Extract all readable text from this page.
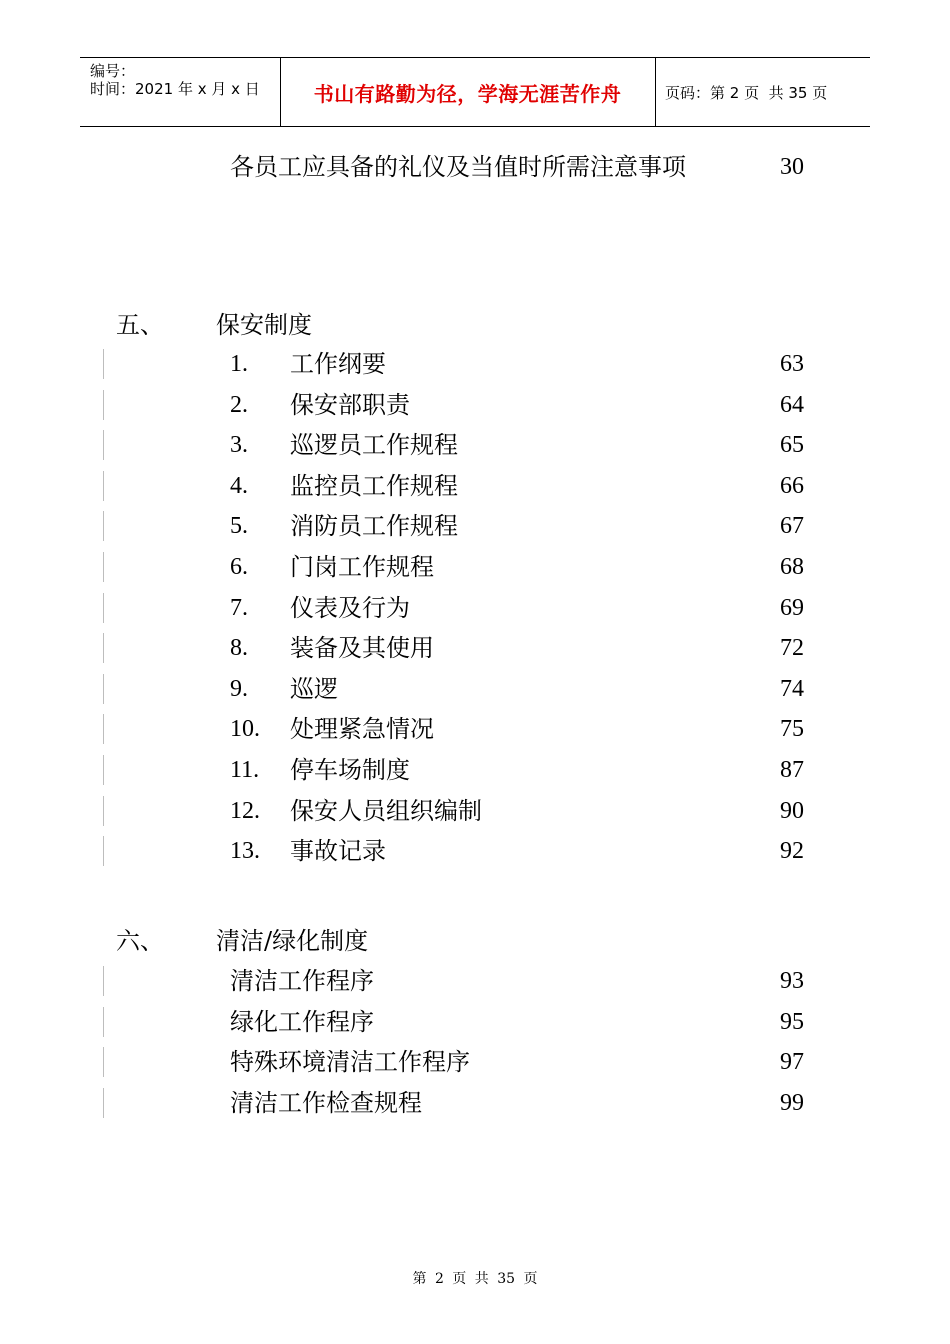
编号：
时间：2021 年 x 月 x 日	书山有路勤为径，学海无涯苦作舟	页码：第 2 页  共 35 页
各员工应具备的礼仪及当值时所需注意事项	30
五、 保安制度
1. 工作纲要	63
2. 保安部职责	64
3. 巡逻员工作规程	65
4. 监控员工作规程	66
5. 消防员工作规程	67
6. 门岗工作规程	68
7. 仪表及行为	69
8. 装备及其使用	72
9. 巡逻	74
10. 处理紧急情况	75
11. 停车场制度	87
12. 保安人员组织编制	90
13. 事故记录	92
六、 清洁/绿化制度
清洁工作程序	93
绿化工作程序	95
特殊环境清洁工作程序	97
清洁工作检查规程	99
第 2 页 共 35 页
